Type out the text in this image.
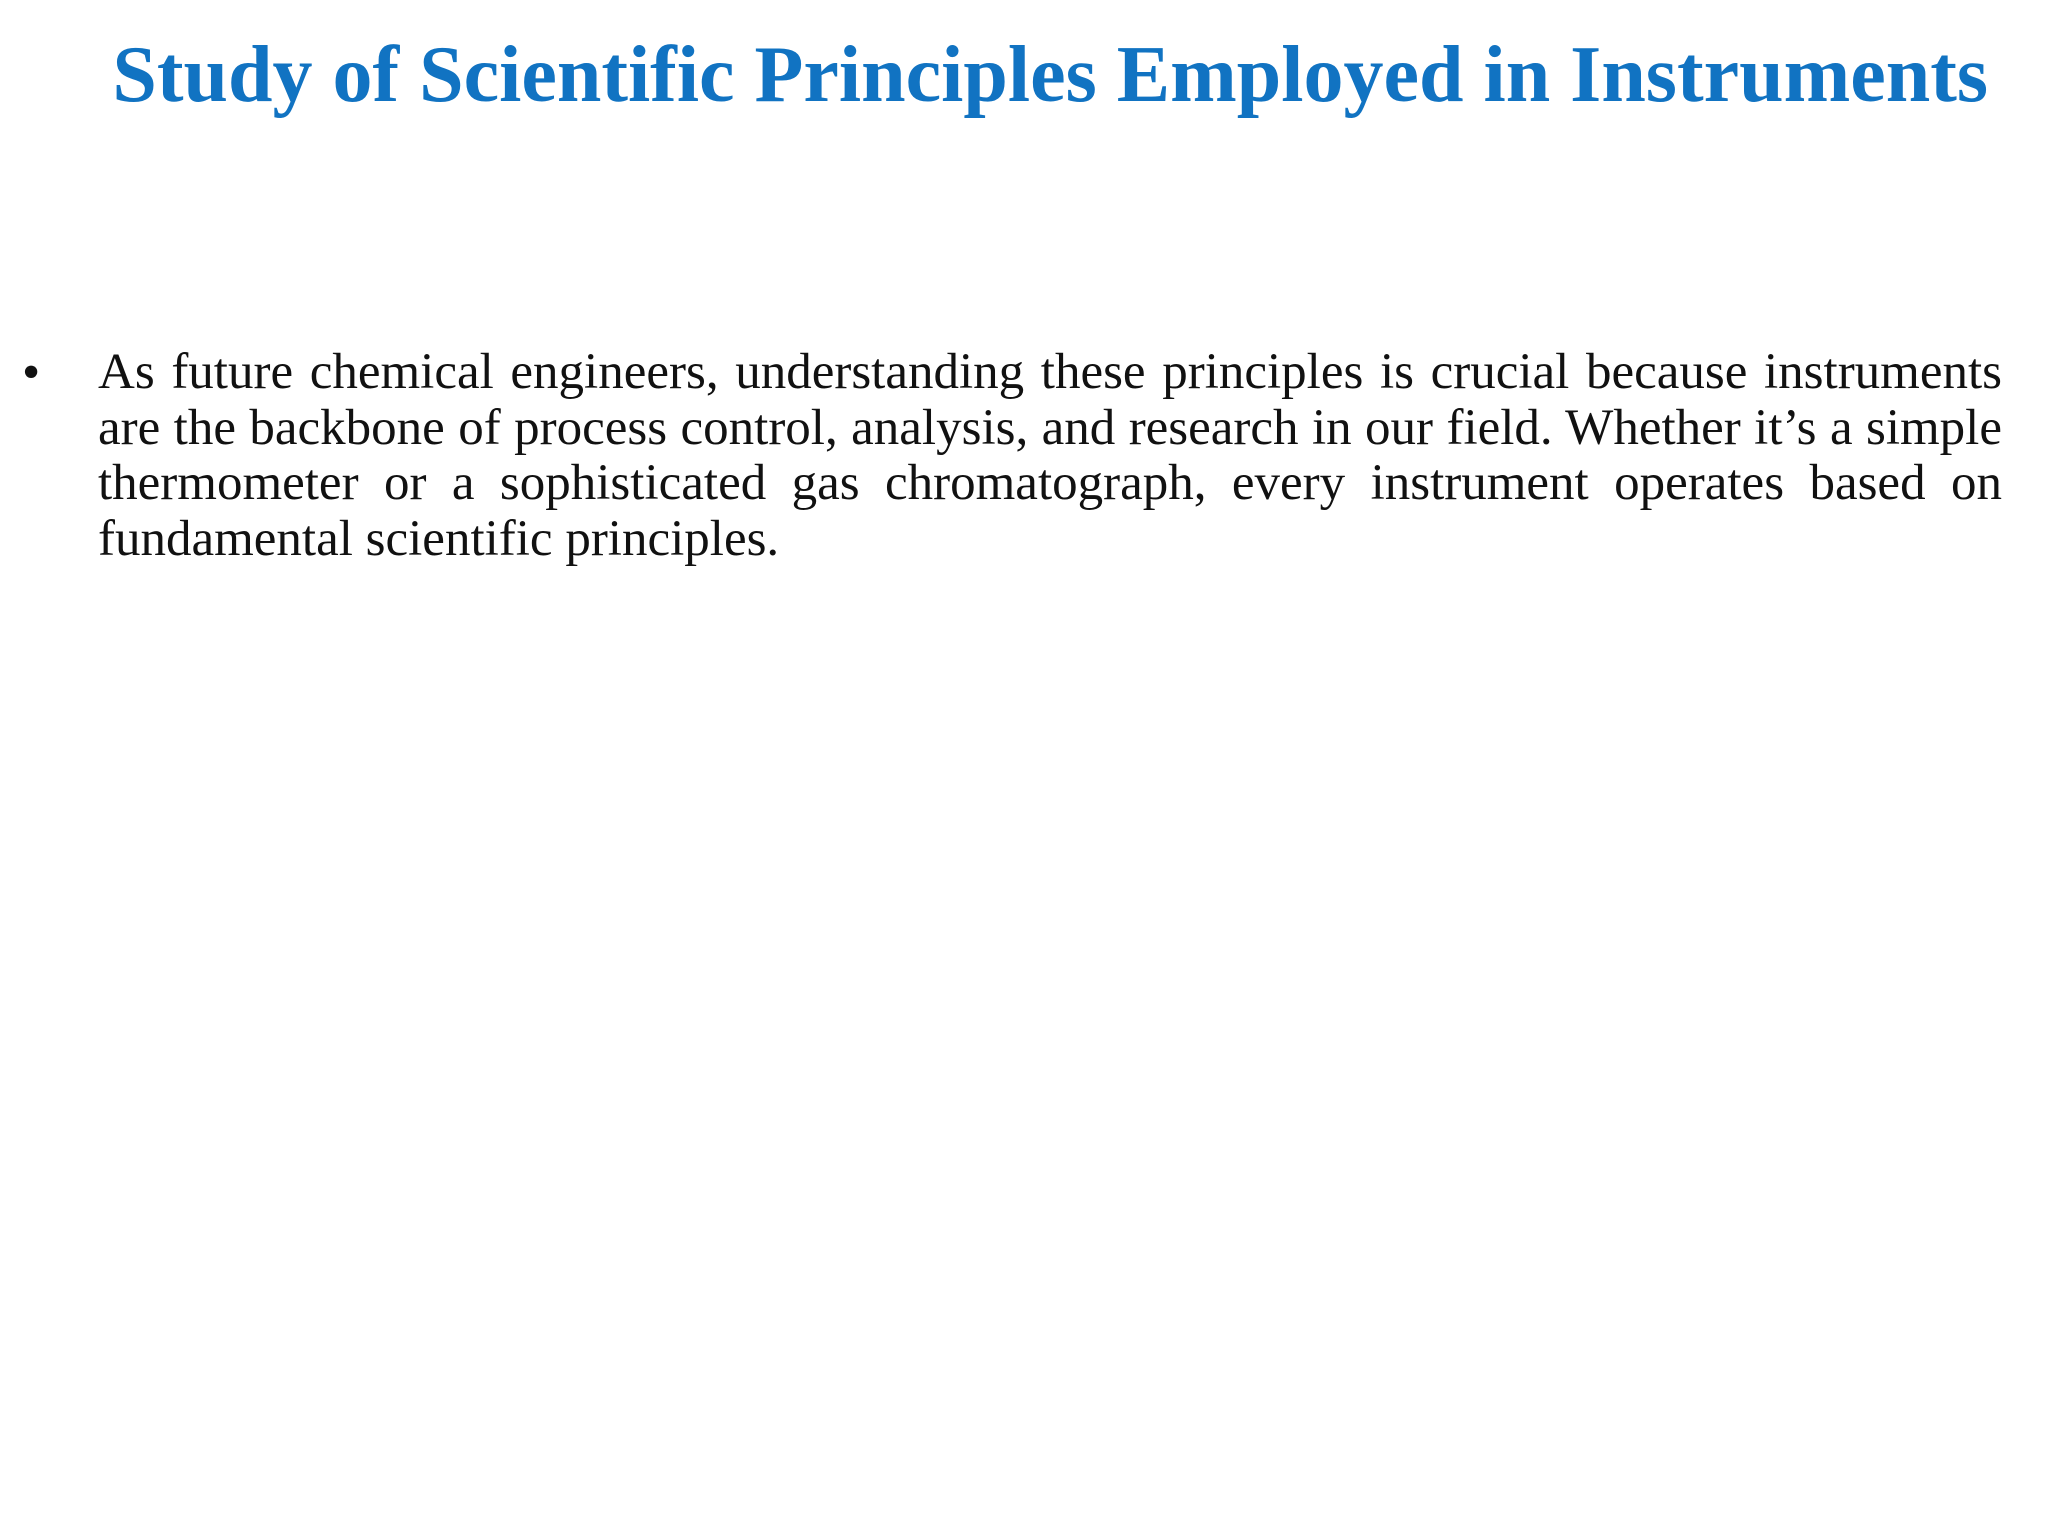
Study of Scientific Principles Employed in Instruments
• As future chemical engineers, understanding these principles is crucial because instruments are the backbone of process control, analysis, and research in our field. Whether it’s a simple thermometer or a sophisticated gas chromatograph, every instrument operates based on fundamental scientific principles.
